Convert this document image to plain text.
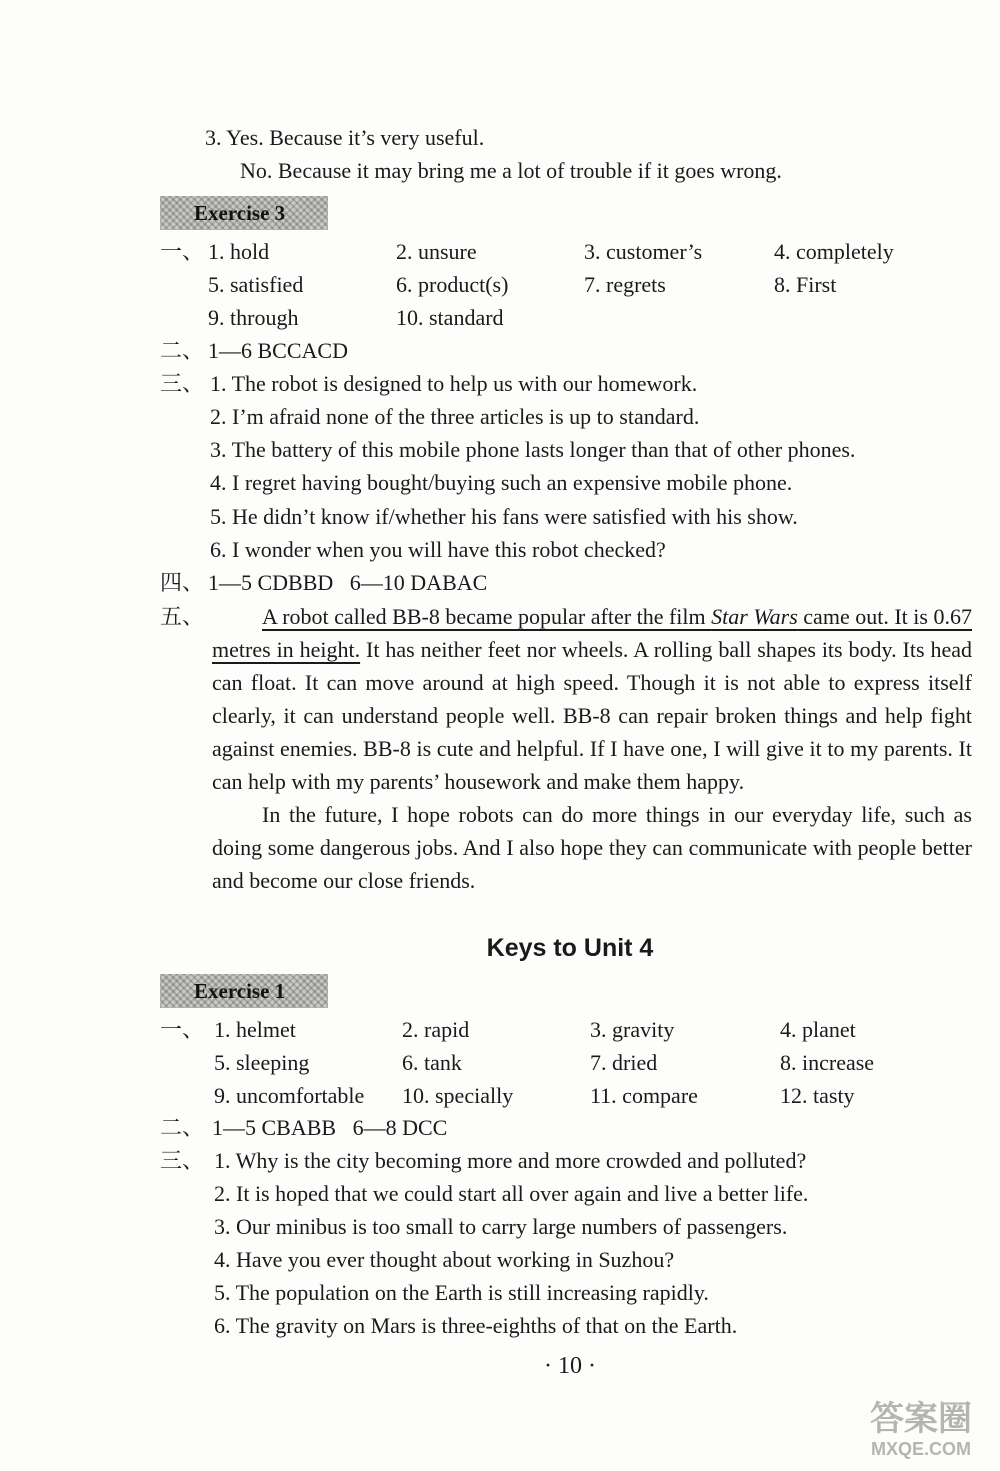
3. Yes. Because it’s very useful.
No. Because it may bring me a lot of trouble if it goes wrong.
Exercise 3
一、 1. hold	2. unsure	3. customer’s	4. completely
5. satisfied	6. product(s)	7. regrets	8. First
9. through	10. standard
二、 1—6 BCCACD
三、 1. The robot is designed to help us with our homework.
2. I’m afraid none of the three articles is up to standard.
3. The battery of this mobile phone lasts longer than that of other phones.
4. I regret having bought/buying such an expensive mobile phone.
5. He didn’t know if/whether his fans were satisfied with his show.
6. I wonder when you will have this robot checked?
四、 1—5 CDBBD   6—10 DABAC
五、	A robot called BB-8 became popular after the film Star Wars came out. It is 0.67 metres in height. It has neither feet nor wheels. A rolling ball shapes its body. Its head can float. It can move around at high speed. Though it is not able to express itself clearly, it can understand people well. BB-8 can repair broken things and help fight against enemies. BB-8 is cute and helpful. If I have one, I will give it to my parents. It can help with my parents’ housework and make them happy.

In the future, I hope robots can do more things in our everyday life, such as doing some dangerous jobs. And I also hope they can communicate with people better and become our close friends.

Keys to Unit 4
Exercise 1
一、 1. helmet	2. rapid	3. gravity	4. planet
5. sleeping	6. tank	7. dried	8. increase
9. uncomfortable	10. specially	11. compare	12. tasty
二、 1—5 CBABB   6—8 DCC
三、 1. Why is the city becoming more and more crowded and polluted?
2. It is hoped that we could start all over again and live a better life.
3. Our minibus is too small to carry large numbers of passengers.
4. Have you ever thought about working in Suzhou?
5. The population on the Earth is still increasing rapidly.
6. The gravity on Mars is three-eighths of that on the Earth.
· 10 ·
答案圈
MXQE.COM
